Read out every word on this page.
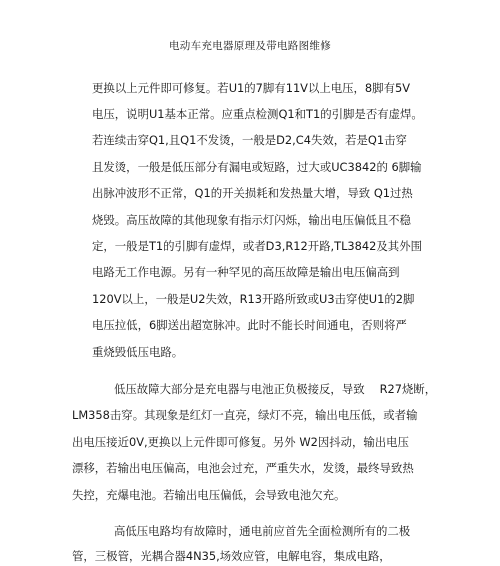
电动车充电器原理及带电路图维修
更换以上元件即可修复。若U1的7脚有11V以上电压，8脚有5V
电压，说明U1基本正常。应重点检测Q1和T1的引脚是否有虚焊。
若连续击穿Q1,且Q1不发烫，一般是D2,C4失效，若是Q1击穿
且发烫，一般是低压部分有漏电或短路，过大或UC3842的 6脚输
出脉冲波形不正常，Q1的开关损耗和发热量大增，导致 Q1过热
烧毁。高压故障的其他现象有指示灯闪烁，输出电压偏低且不稳
定，一般是T1的引脚有虚焊，或者D3,R12开路,TL3842及其外围
电路无工作电源。另有一种罕见的高压故障是输出电压偏高到
120V以上，一般是U2失效，R13开路所致或U3击穿使U1的2脚
电压拉低，6脚送出超宽脉冲。此时不能长时间通电，否则将严
重烧毁低压电路。
低压故障大部分是充电器与电池正负极接反，导致　 R27烧断，
LM358击穿。其现象是红灯一直亮，绿灯不亮，输出电压低，或者输
出电压接近0V,更换以上元件即可修复。另外 W2因抖动，输出电压
漂移，若输出电压偏高，电池会过充，严重失水，发烫，最终导致热
失控，充爆电池。若输出电压偏低，会导致电池欠充。
高低压电路均有故障时，通电前应首先全面检测所有的二极
管，三极管，光耦合器4N35,场效应管，电解电容，集成电路，
